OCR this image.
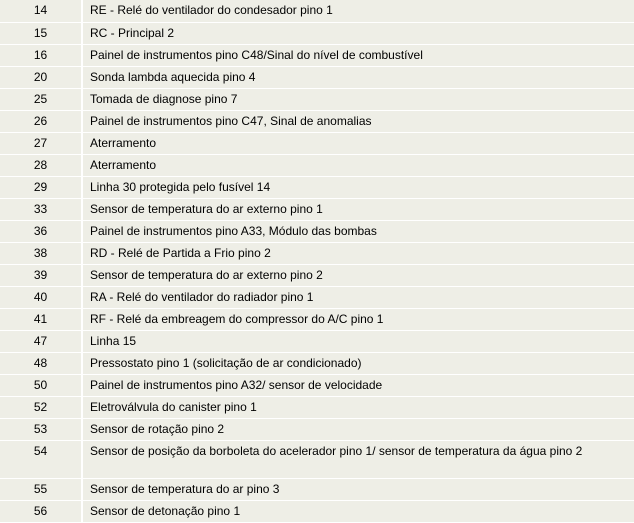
14	RE - Relé do ventilador do condesador pino 1
15	RC - Principal 2
16	Painel de instrumentos pino C48/Sinal do nível de combustível
20	Sonda lambda aquecida pino 4
25	Tomada de diagnose pino 7
26	Painel de instrumentos pino C47, Sinal de anomalias
27	Aterramento
28	Aterramento
29	Linha 30 protegida pelo fusível 14
33	Sensor de temperatura do ar externo pino 1
36	Painel de instrumentos pino A33, Módulo das bombas
38	RD - Relé de Partida a Frio pino 2
39	Sensor de temperatura do ar externo pino 2
40	RA - Relé do ventilador do radiador pino 1
41	RF - Relé da embreagem do compressor do A/C pino 1
47	Linha 15
48	Pressostato pino 1 (solicitação de ar condicionado)
50	Painel de instrumentos pino A32/ sensor de velocidade
52	Eletroválvula do canister pino 1
53	Sensor de rotação pino 2
54	Sensor de posição da borboleta do acelerador pino 1/ sensor de temperatura da água pino 2
55	Sensor de temperatura do ar pino 3
56	Sensor de detonação pino 1
